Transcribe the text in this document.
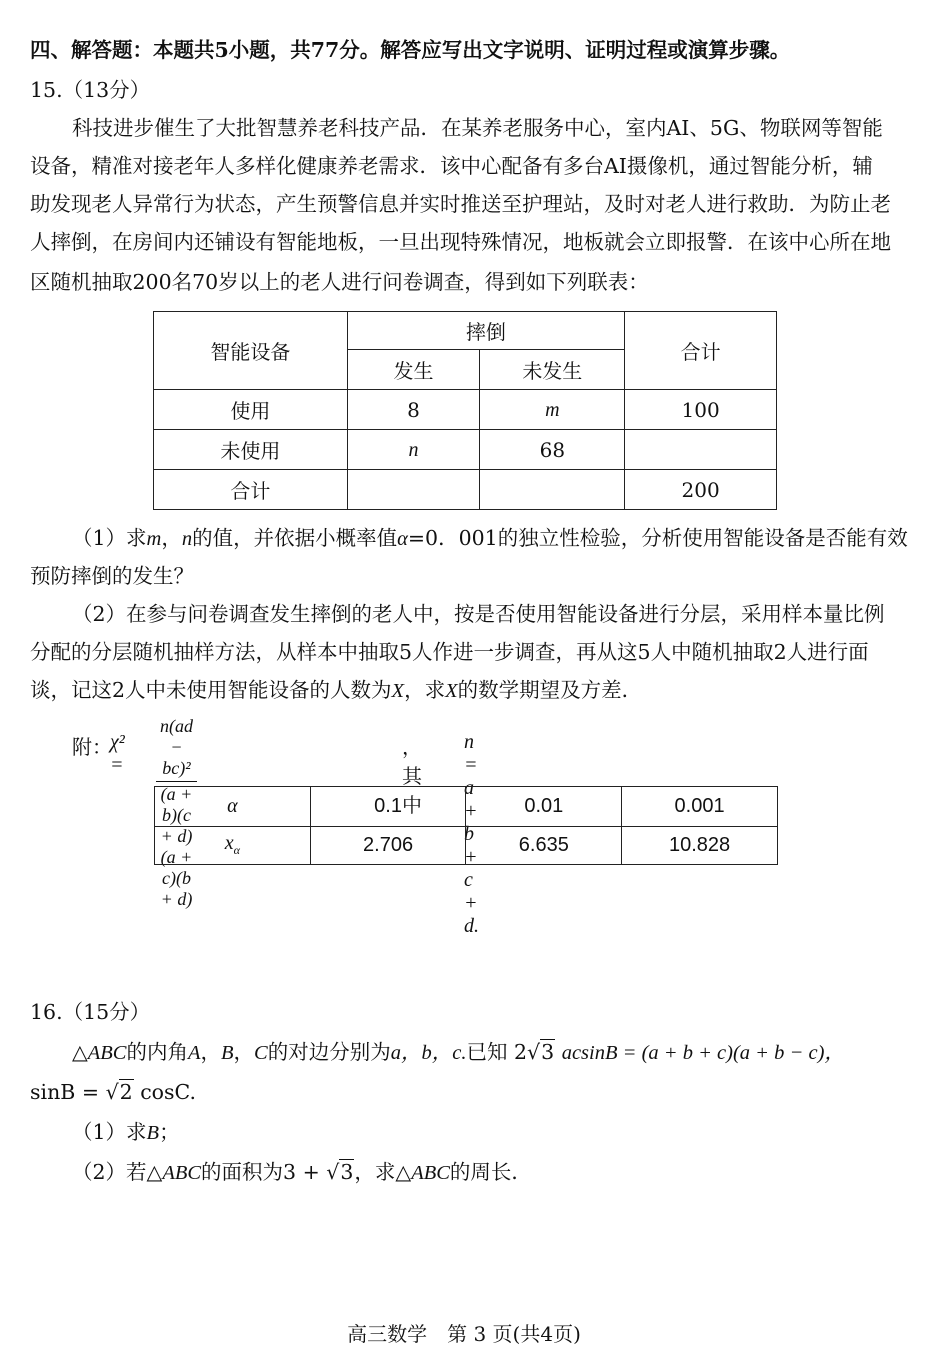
四、解答题：本题共5小题，共77分。解答应写出文字说明、证明过程或演算步骤。
15.（13分）
科技进步催生了大批智慧养老科技产品．在某养老服务中心，室内AI、5G、物联网等智能
设备，精准对接老年人多样化健康养老需求．该中心配备有多台AI摄像机，通过智能分析，辅
助发现老人异常行为状态，产生预警信息并实时推送至护理站，及时对老人进行救助．为防止老
人摔倒，在房间内还铺设有智能地板，一旦出现特殊情况，地板就会立即报警．在该中心所在地
区随机抽取200名70岁以上的老人进行问卷调查，得到如下列联表：
智能设备	摔倒		合计
	发生	未发生	
使用	8	m	100
未使用	n	68	
合计			200
（1）求m，n的值，并依据小概率值α=0．001的独立性检验，分析使用智能设备是否能有效
预防摔倒的发生？
（2）在参与问卷调查发生摔倒的老人中，按是否使用智能设备进行分层，采用样本量比例
分配的分层随机抽样方法，从样本中抽取5人作进一步调查，再从这5人中随机抽取2人进行面
谈，记这2人中未使用智能设备的人数为X，求X的数学期望及方差．
附：
$\chi^2 = \frac{\text{n(ad − bc)²}}{(a + b)(c + d)(a + c)(b + d)}$	，其中
n = a + b + c + d.
α	0.1	0.01	0.001
$x_\alpha$	2.706	6.635	10.828
16.（15分）
△ABC的内角A，B，C的对边分别为a，b，c.已知 2√3 acsinB = (a + b + c)(a + b − c)，
sinB = √2 cosC.
（1）求B；
（2）若△ABC的面积为3 + √3，求△ABC的周长．
高三数学　第 3 页(共4页)
